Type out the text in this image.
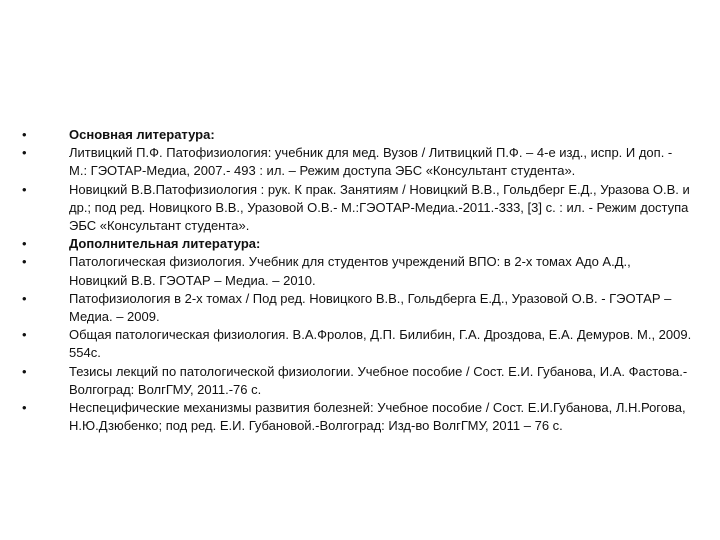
•	Основная литература:
•	Литвицкий П.Ф. Патофизиология: учебник для мед. Вузов / Литвицкий П.Ф. – 4-е изд., испр. И доп. - М.: ГЭОТАР-Медиа, 2007.- 493 : ил. – Режим доступа ЭБС «Консультант студента».
•	Новицкий В.В.Патофизиология : рук. К прак. Занятиям / Новицкий В.В., Гольдберг Е.Д., Уразова О.В. и др.; под ред. Новицкого В.В., Уразовой О.В.- М.:ГЭОТАР-Медиа.-2011.-333, [3] с. : ил. - Режим доступа ЭБС «Консультант студента».
•	Дополнительная литература:
•	Патологическая физиология. Учебник для студентов учреждений ВПО: в 2-х томах Адо А.Д., Новицкий В.В. ГЭОТАР – Медиа. – 2010.
•	Патофизиология в 2-х томах / Под ред. Новицкого В.В., Гольдберга Е.Д., Уразовой О.В. - ГЭОТАР – Медиа. – 2009.
•	Общая патологическая физиология. В.А.Фролов, Д.П. Билибин, Г.А. Дроздова, Е.А. Демуров. М., 2009. 554с.
•	Тезисы лекций по патологической физиологии. Учебное пособие / Сост. Е.И. Губанова, И.А. Фастова.-Волгоград: ВолгГМУ, 2011.-76 с.
•	Неспецифические механизмы развития болезней: Учебное пособие / Сост. Е.И.Губанова, Л.Н.Рогова, Н.Ю.Дзюбенко; под ред. Е.И. Губановой.-Волгоград: Изд-во ВолгГМУ, 2011 – 76 с.
